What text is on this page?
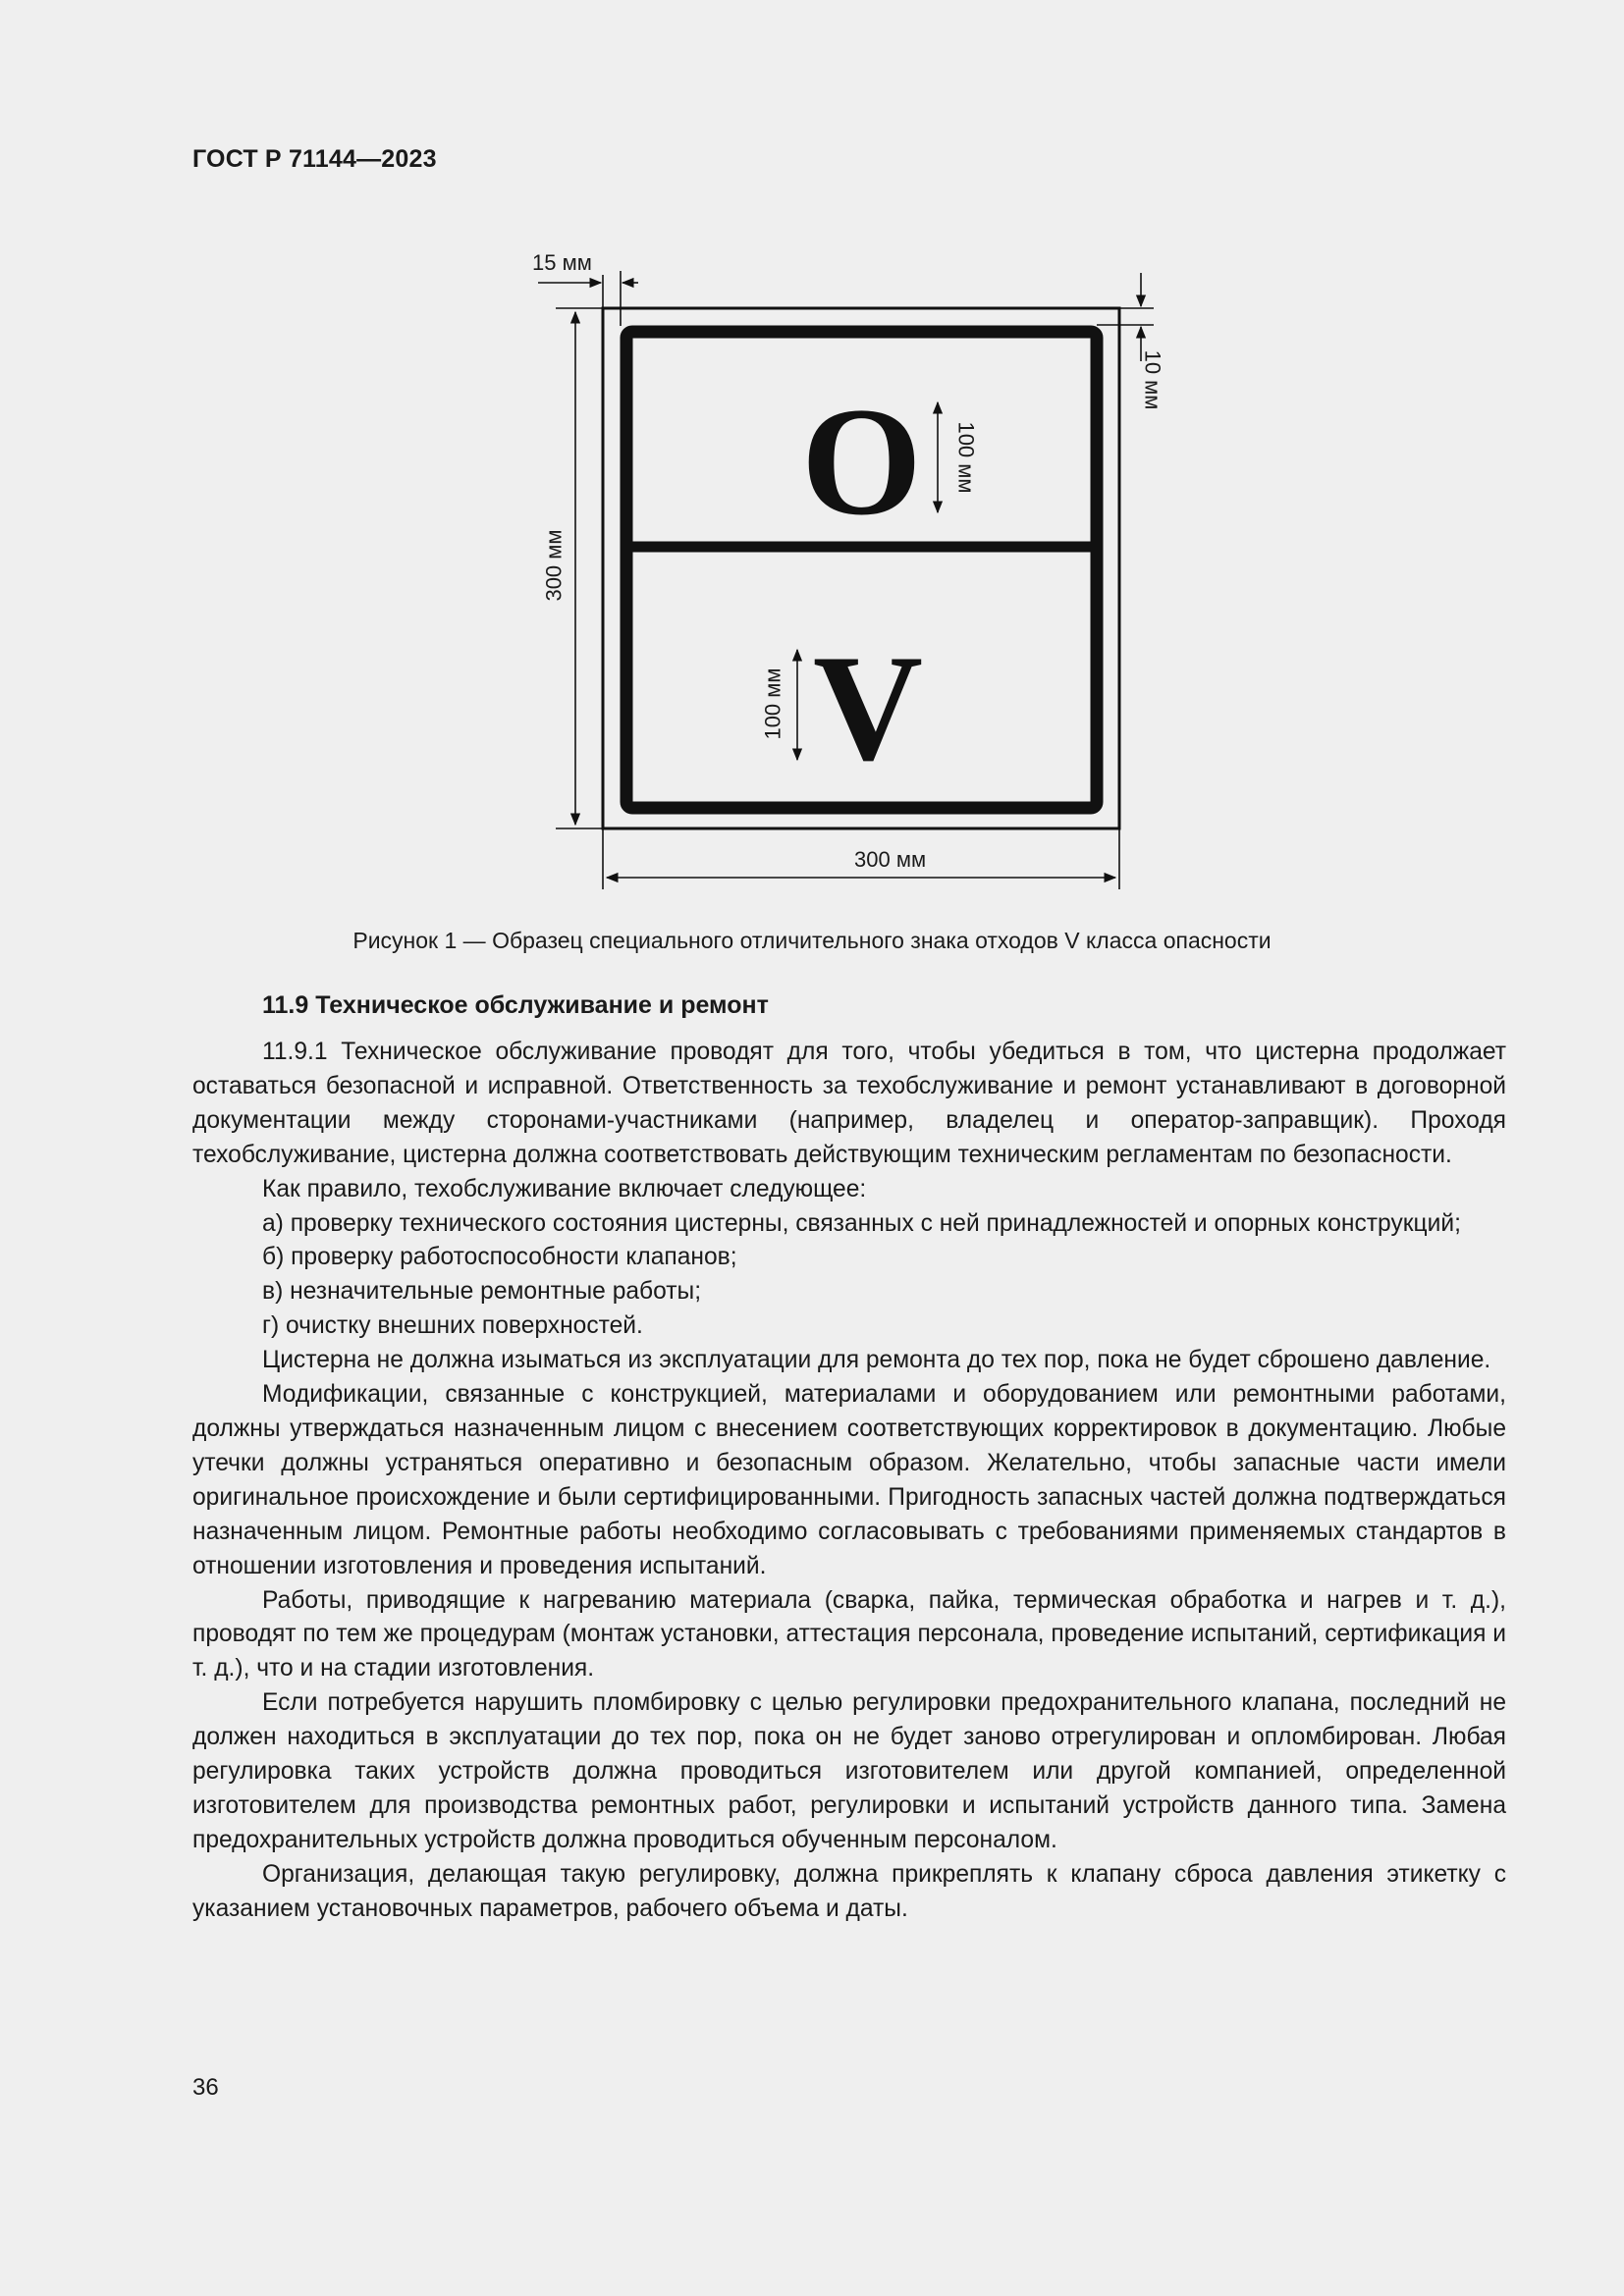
ГОСТ Р 71144—2023
15 мм
10 мм
300 мм
300 мм
100 мм
100 мм
O
V
Рисунок 1 — Образец специального отличительного знака отходов V класса опасности
11.9 Техническое обслуживание и ремонт

11.9.1 Техническое обслуживание проводят для того, чтобы убедиться в том, что цистерна продолжает оставаться безопасной и исправной. Ответственность за техобслуживание и ремонт устанавливают в договорной документации между сторонами-участниками (например, владелец и оператор-заправщик). Проходя техобслуживание, цистерна должна соответствовать действующим техническим регламентам по безопасности.

Как правило, техобслуживание включает следующее:

а) проверку технического состояния цистерны, связанных с ней принадлежностей и опорных конструкций;

б) проверку работоспособности клапанов;

в) незначительные ремонтные работы;

г) очистку внешних поверхностей.

Цистерна не должна изыматься из эксплуатации для ремонта до тех пор, пока не будет сброшено давление.

Модификации, связанные с конструкцией, материалами и оборудованием или ремонтными работами, должны утверждаться назначенным лицом с внесением соответствующих корректировок в документацию. Любые утечки должны устраняться оперативно и безопасным образом. Желательно, чтобы запасные части имели оригинальное происхождение и были сертифицированными. Пригодность запасных частей должна подтверждаться назначенным лицом. Ремонтные работы необходимо согласовывать с требованиями применяемых стандартов в отношении изготовления и проведения испытаний.

Работы, приводящие к нагреванию материала (сварка, пайка, термическая обработка и нагрев и т. д.), проводят по тем же процедурам (монтаж установки, аттестация персонала, проведение испытаний, сертификация и т. д.), что и на стадии изготовления.

Если потребуется нарушить пломбировку с целью регулировки предохранительного клапана, последний не должен находиться в эксплуатации до тех пор, пока он не будет заново отрегулирован и опломбирован. Любая регулировка таких устройств должна проводиться изготовителем или другой компанией, определенной изготовителем для производства ремонтных работ, регулировки и испытаний устройств данного типа. Замена предохранительных устройств должна проводиться обученным персоналом.

Организация, делающая такую регулировку, должна прикреплять к клапану сброса давления этикетку с указанием установочных параметров, рабочего объема и даты.

36
